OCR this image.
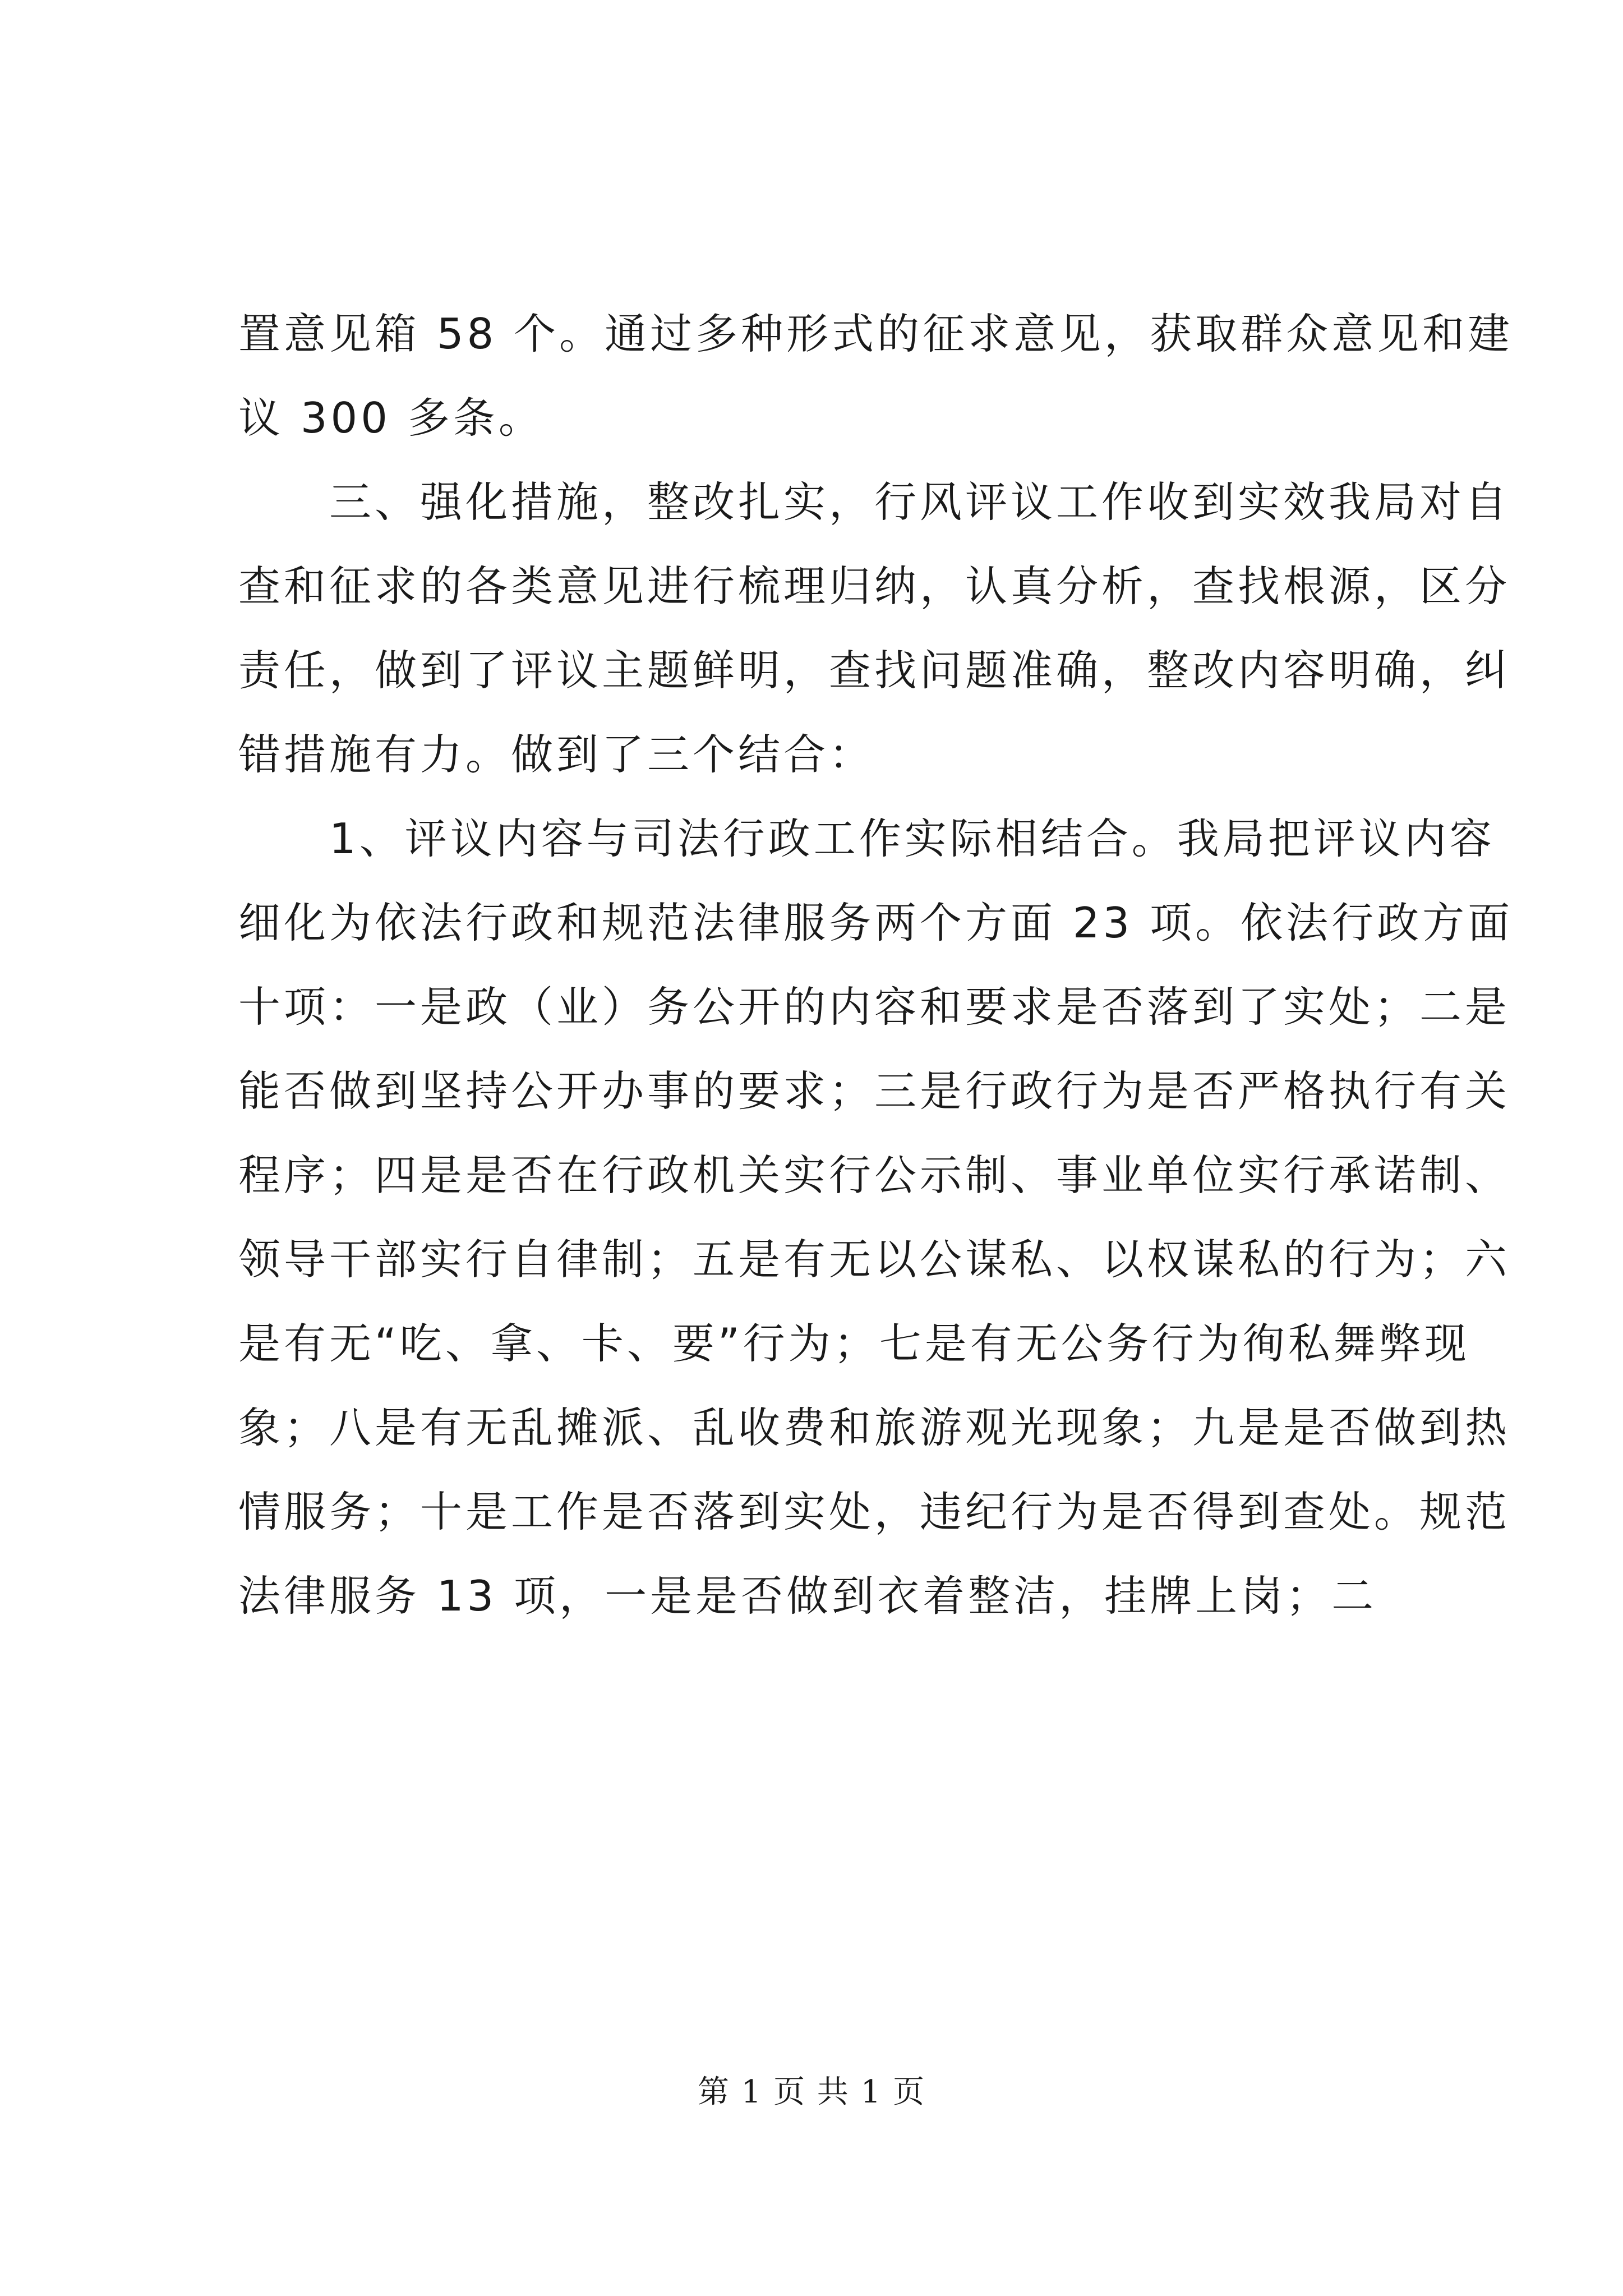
置意见箱 58 个。通过多种形式的征求意见，获取群众意见和建
议 300 多条。
　　三、强化措施，整改扎实，行风评议工作收到实效我局对自
查和征求的各类意见进行梳理归纳，认真分析，查找根源，区分
责任，做到了评议主题鲜明，查找问题准确，整改内容明确，纠
错措施有力。做到了三个结合：
　　1、评议内容与司法行政工作实际相结合。我局把评议内容
细化为依法行政和规范法律服务两个方面 23 项。依法行政方面
十项：一是政（业）务公开的内容和要求是否落到了实处；二是
能否做到坚持公开办事的要求；三是行政行为是否严格执行有关
程序；四是是否在行政机关实行公示制、事业单位实行承诺制、
领导干部实行自律制；五是有无以公谋私、以权谋私的行为；六
是有无“吃、拿、卡、要”行为；七是有无公务行为徇私舞弊现
象；八是有无乱摊派、乱收费和旅游观光现象；九是是否做到热
情服务；十是工作是否落到实处，违纪行为是否得到查处。规范
法律服务 13 项，一是是否做到衣着整洁，挂牌上岗；二
第 1 页 共 1 页
